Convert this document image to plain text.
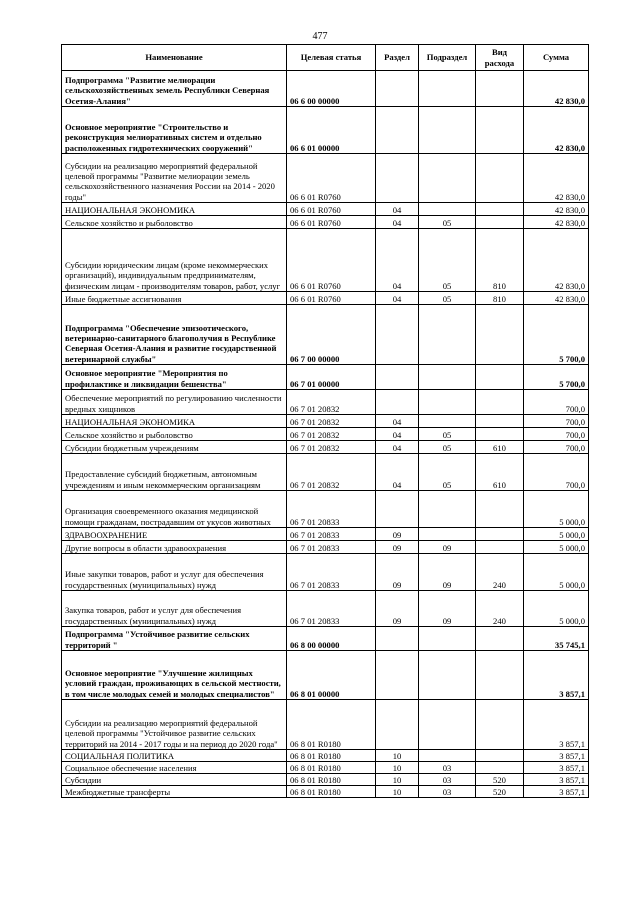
477
Наименование	Целевая статья	Раздел	Подраздел	Вид расхода	Сумма
Подпрограмма "Развитие мелиорации сельскохозяйственных земель Республики Северная Осетия-Алания"	06 6 00 00000				42 830,0
Основное мероприятие "Строительство и реконструкция мелиоративных систем и отдельно расположенных гидротехнических сооружений"	06 6 01 00000				42 830,0
Субсидии на реализацию мероприятий федеральной целевой программы "Развитие мелиорации земель сельскохозяйственного назначения России на 2014 - 2020 годы"	06 6 01 R0760				42 830,0
НАЦИОНАЛЬНАЯ ЭКОНОМИКА	06 6 01 R0760	04			42 830,0
Сельское хозяйство и рыболовство	06 6 01 R0760	04	05		42 830,0
Субсидии юридическим лицам (кроме некоммерческих организаций), индивидуальным предпринимателям, физическим лицам - производителям товаров, работ, услуг	06 6 01 R0760	04	05	810	42 830,0
Иные бюджетные ассигнования	06 6 01 R0760	04	05	810	42 830,0
Подпрограмма "Обеспечение эпизоотического, ветеринарно-санитарного благополучия в Республике Северная Осетия-Алания и развитие государственной ветеринарной службы"	06 7 00 00000				5 700,0
Основное мероприятие "Мероприятия по профилактике и ликвидации бешенства"	06 7 01 00000				5 700,0
Обеспечение мероприятий по регулированию численности вредных хищников	06 7 01 20832				700,0
НАЦИОНАЛЬНАЯ ЭКОНОМИКА	06 7 01 20832	04			700,0
Сельское хозяйство и рыболовство	06 7 01 20832	04	05		700,0
Субсидии бюджетным учреждениям	06 7 01 20832	04	05	610	700,0
Предоставление субсидий бюджетным, автономным учреждениям и иным некоммерческим организациям	06 7 01 20832	04	05	610	700,0
Организация своевременного оказания медицинской помощи гражданам, пострадавшим от укусов животных	06 7 01 20833				5 000,0
ЗДРАВООХРАНЕНИЕ	06 7 01 20833	09			5 000,0
Другие вопросы в области здравоохранения	06 7 01 20833	09	09		5 000,0
Иные закупки товаров, работ и услуг для обеспечения государственных (муниципальных) нужд	06 7 01 20833	09	09	240	5 000,0
Закупка товаров, работ и услуг для обеспечения государственных (муниципальных) нужд	06 7 01 20833	09	09	240	5 000,0
Подпрограмма "Устойчивое развитие сельских территорий "	06 8 00 00000				35 745,1
Основное мероприятие "Улучшение жилищных условий граждан, проживающих в сельской местности, в том числе молодых семей и молодых специалистов"	06 8 01 00000				3 857,1
Субсидии на реализацию мероприятий федеральной целевой программы "Устойчивое развитие сельских территорий на 2014 - 2017 годы и на период до 2020 года"	06 8 01 R0180				3 857,1
СОЦИАЛЬНАЯ ПОЛИТИКА	06 8 01 R0180	10			3 857,1
Социальное обеспечение населения	06 8 01 R0180	10	03		3 857,1
Субсидии	06 8 01 R0180	10	03	520	3 857,1
Межбюджетные трансферты	06 8 01 R0180	10	03	520	3 857,1
